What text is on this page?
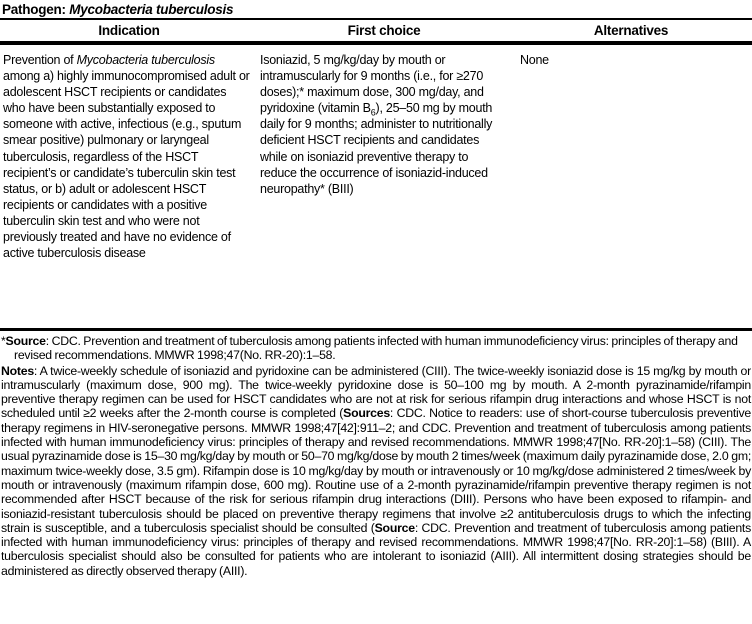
Pathogen: Mycobacteria tuberculosis
Indication	First choice	Alternatives
Prevention of Mycobacteria tuberculosis among a) highly immunocompromised adult or adolescent HSCT recipients or candidates who have been substantially exposed to someone with active, infectious (e.g., sputum smear positive) pulmonary or laryngeal tuberculosis, regardless of the HSCT recipient’s or candidate’s tuberculin skin test status, or b) adult or adolescent HSCT recipients or candidates with a positive tuberculin skin test and who were not previously treated and have no evidence of active tuberculosis disease
Isoniazid, 5 mg/kg/day by mouth or intramuscularly for 9 months (i.e., for ≥270 doses);* maximum dose, 300 mg/day, and pyridoxine (vitamin $B_6$), 25–50 mg by mouth daily for 9 months; administer to nutritionally deficient HSCT recipients and candidates while on isoniazid preventive therapy to reduce the occurrence of isoniazid-induced neuropathy* (BIII)
None
*Source: CDC. Prevention and treatment of tuberculosis among patients infected with human immunodeficiency virus: principles of therapy and revised recommendations. MMWR 1998;47(No. RR-20):1–58.
Notes: A twice-weekly schedule of isoniazid and pyridoxine can be administered (CIII). The twice-weekly isoniazid dose is 15 mg/kg by mouth or intramuscularly (maximum dose, 900 mg). The twice-weekly pyridoxine dose is 50–100 mg by mouth. A 2-month pyrazinamide/rifampin preventive therapy regimen can be used for HSCT candidates who are not at risk for serious rifampin drug interactions and whose HSCT is not scheduled until ≥2 weeks after the 2-month course is completed (Sources: CDC. Notice to readers: use of short-course tuberculosis preventive therapy regimens in HIV-seronegative persons. MMWR 1998;47[42]:911–2; and CDC. Prevention and treatment of tuberculosis among patients infected with human immunodeficiency virus: principles of therapy and revised recommendations. MMWR 1998;47[No. RR-20]:1–58) (CIII). The usual pyrazinamide dose is 15–30 mg/kg/day by mouth or 50–70 mg/kg/dose by mouth 2 times/week (maximum daily pyrazinamide dose, 2.0 gm; maximum twice-weekly dose, 3.5 gm). Rifampin dose is 10 mg/kg/day by mouth or intravenously or 10 mg/kg/dose administered 2 times/week by mouth or intravenously (maximum rifampin dose, 600 mg). Routine use of a 2-month pyrazinamide/rifampin preventive therapy regimen is not recommended after HSCT because of the risk for serious rifampin drug interactions (DIII). Persons who have been exposed to rifampin- and isoniazid-resistant tuberculosis should be placed on preventive therapy regimens that involve ≥2 antituberculosis drugs to which the infecting strain is susceptible, and a tuberculosis specialist should be consulted (Source: CDC. Prevention and treatment of tuberculosis among patients infected with human immunodeficiency virus: principles of therapy and revised recommendations. MMWR 1998;47[No. RR-20]:1–58) (BIII). A tuberculosis specialist should also be consulted for patients who are intolerant to isoniazid (AIII). All intermittent dosing strategies should be administered as directly observed therapy (AIII).
